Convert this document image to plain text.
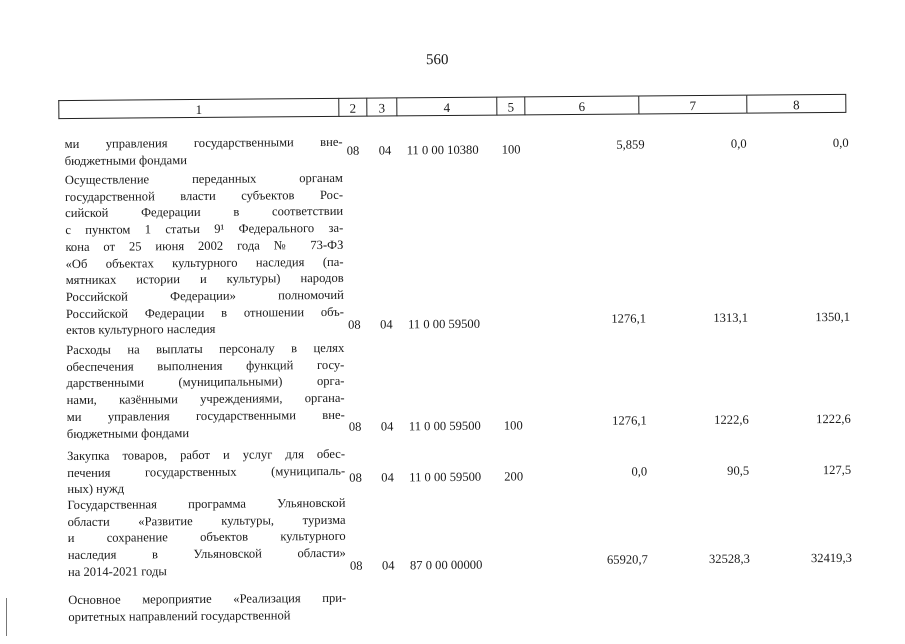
560
1	2	3	4	5	6	7	8
ми управления государственными вне-
бюджетными фондами
08 04 11 0 00 10380 100	5,859	0,0	0,0
Осуществление переданных органам
государственной власти субъектов Рос-
сийской Федерации в соответствии
с пунктом 1 статьи 9¹ Федерального за-
кона от 25 июня 2002 года № 73-ФЗ
«Об объектах культурного наследия (па-
мятниках истории и культуры) народов
Российской Федерации» полномочий
Российской Федерации в отношении объ-
ектов культурного наследия	08 04 11 0 00 59500	1276,1	1313,1	1350,1
Расходы на выплаты персоналу в целях
обеспечения выполнения функций госу-
дарственными (муниципальными) орга-
нами, казёнными учреждениями, органа-
ми управления государственными вне-
бюджетными фондами	08 04 11 0 00 59500 100	1276,1	1222,6	1222,6
Закупка товаров, работ и услуг для обес-
печения государственных (муниципаль-
ных) нужд
08 04 11 0 00 59500 200	0,0	90,5	127,5
Государственная программа Ульяновской
области «Развитие культуры, туризма
и сохранение объектов культурного
наследия в Ульяновской области»
на 2014-2021 годы	08 04 87 0 00 00000	65920,7	32528,3	32419,3
Основное мероприятие «Реализация при-
оритетных направлений государственной
